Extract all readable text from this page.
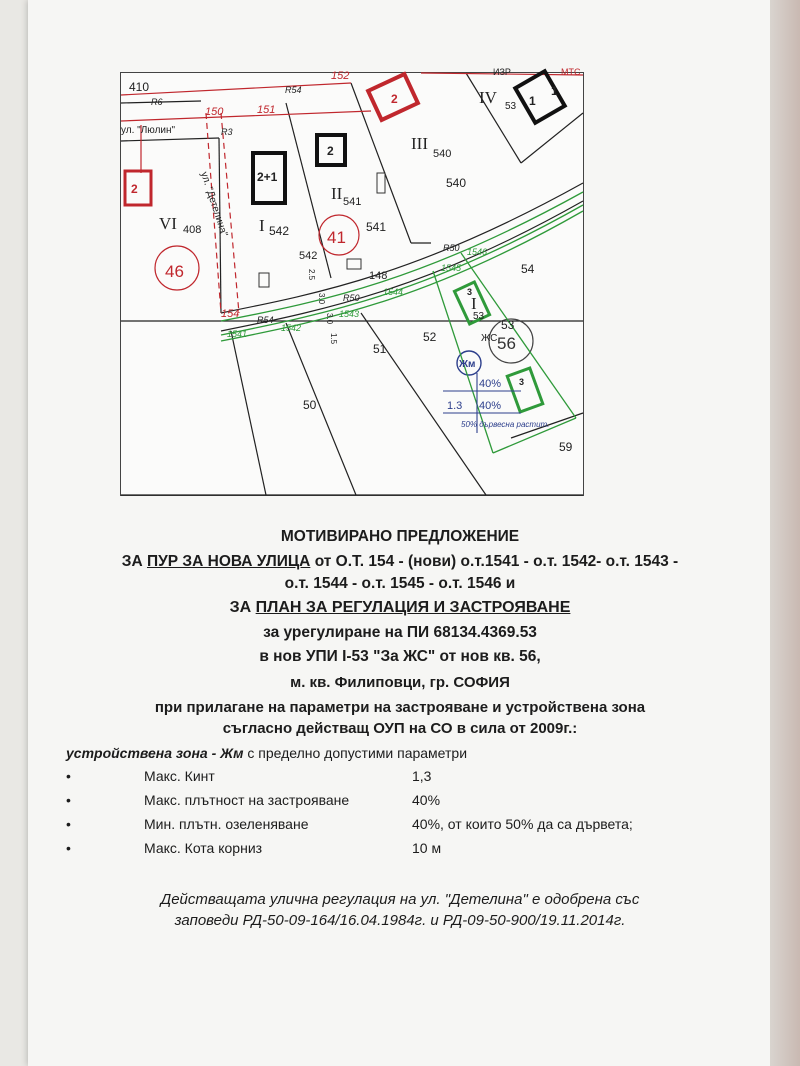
410
542	541
540
408
50
51
52
53
54
59
148
542
541
540
53
46
41
56
VI	I
II
III
IV
I
2
2+1
2
2
1
1
3
3
150	151
152
154
1541
1542
1543
1544
1545
1546
R6
R54
R3
R50
R50
R54
ул. "Люлин"
ул. "Детелина"
МТС
ИЗР
ЖС
Жм
40%
1.3 40%
50% дървесна растит.
2.5
3.0
3.0
1.5
53
МОТИВИРАНО ПРЕДЛОЖЕНИЕ
ЗА ПУР ЗА НОВА УЛИЦА от О.Т. 154 - (нови) о.т.1541 - о.т. 1542- о.т. 1543 -
о.т. 1544 - о.т. 1545 - о.т. 1546 и
ЗА ПЛАН ЗА РЕГУЛАЦИЯ И ЗАСТРОЯВАНЕ
за урегулиране на ПИ 68134.4369.53
в нов УПИ I-53 "За ЖС" от нов кв. 56,
м. кв. Филиповци, гр. СОФИЯ
при прилагане на параметри на застрояване и устройствена зона
съгласно действащ ОУП на СО в сила от 2009г.:
устройствена зона - Жм с пределно допустими параметри
•	Макс. Кинт	1,3
•	Макс. плътност на застрояване	40%
•	Мин. плътн. озеленяване	40%, от които 50% да са дървета;
•	Макс. Кота корниз	10 м
Действащата улична регулация на ул. "Детелина" е одобрена със
заповеди РД-50-09-164/16.04.1984г. и РД-09-50-900/19.11.2014г.
